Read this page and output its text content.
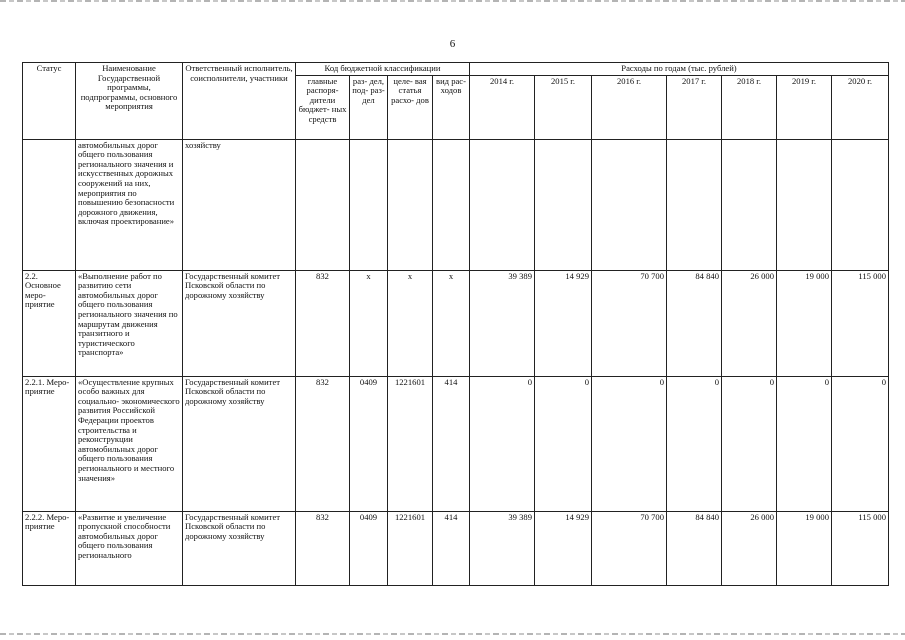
6
Статус	Наименование Государственной программы, подпрограммы, основного мероприятия	Ответственный исполнитель, соисполнители, участники	Код бюджетной классификации				Расходы по годам (тыс. рублей)						
			главные распоря- дители бюджет- ных средств	раз- дел, под- раз- дел	целе- вая статья расхо- дов	вид рас- ходов	2014 г.	2015 г.	2016 г.	2017 г.	2018 г.	2019 г.	2020 г.
	автомобильных дорог общего пользования регионального значения и искусственных дорожных сооружений на них, мероприятия по повышению безопасности дорожного движения, включая проектирование»	хозяйству											
2.2. Основное меро- приятие	«Выполнение работ по развитию сети автомобильных дорог общего пользования регионального значения по маршрутам движения транзитного и туристического транспорта»	Государственный комитет Псковской области по дорожному хозяйству	832	x	x	x	39 389	14 929	70 700	84 840	26 000	19 000	115 000
2.2.1. Меро- приятие	«Осуществление крупных особо важных для социально- экономического развития Российской Федерации проектов строительства и реконструкции автомобильных дорог общего пользования регионального и местного значения»	Государственный комитет Псковской области по дорожному хозяйству	832	0409	1221601	414	0	0	0	0	0	0	0
2.2.2. Меро- приятие	«Развитие и увеличение пропускной способности автомобильных дорог общего пользования регионального	Государственный комитет Псковской области по дорожному хозяйству	832	0409	1221601	414	39 389	14 929	70 700	84 840	26 000	19 000	115 000
